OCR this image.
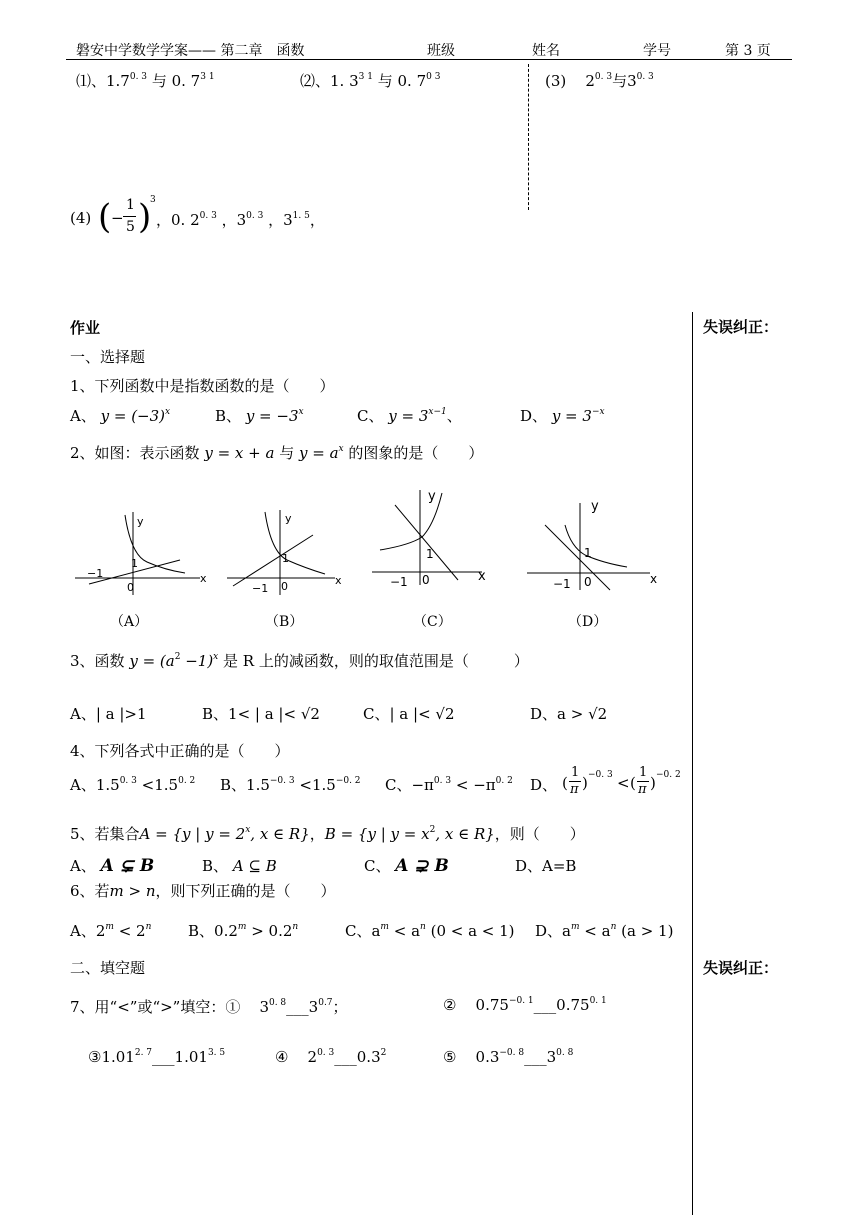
磐安中学数学学案—— 第二章　函数	班级	姓名	学号	第 3 页
⑴、$1.7^{0. 3}$ 与 0. $7^{3 1}$	⑵、1. $3^{3 1}$ 与 0. $7^{0 3}$	(3) $2^{0. 3}$与$3^{0. 3}$
(4) ( −
1
5 )
3
，0. $2^{0. 3}$ ，$3^{0. 3}$ ，$3^{1. 5}$，
失误纠正：
失误纠正：
作业
一、选择题
1、下列函数中是指数函数的是（　　）
A、 $y = (-3)^x$	B、 $y = -3^x$	C、 $y = 3^{x-1}$、	D、 $y = 3^{-x}$
2、如图：表示函数 y = x + a 与 $y = a^x$ 的图象的是（　　）
y
x
0
1
−1
（A）
y
x
0
1
−1
（B）
y
x
0
1
−1
（C）
y
x
0
1
−1
（D）
3、函数 $y = (a^2 -1)^x$ 是 R 上的减函数，则的取值范围是（　　　）
A、| a |>1	B、1< | a |< √2	C、| a |< √2	D、a > √2
4、下列各式中正确的是（　　）
A、$1.5^{0. 3} <1.5^{0. 2}$ B、$1.5^{-0. 3} <1.5^{-0. 2}$ C、$-\pi^{0. 3} < -\pi^{0. 2}$ D、 (
1
π ) −0. 3 < (
1
π ) −0. 2
5、若集合A = {y | $y = 2^x$, x ∈ R}，B = {y | $y = x^2$, x ∈ R}，则（　　）
A、 A ⊊ B	B、 A ⊆ B	C、 A ⊋ B	D、A=B
6、若m > n，则下列正确的是（　　）
A、$2^m < 2^n$ B、$0.2^m > 0.2^n$	C、$a^m < a^n$ (0 < a < 1) D、$a^m < a^n$ (a > 1)
二、填空题
7、用“<”或“>”填空：① $3^{0. 8}\_\_\_3^{0.7}$；	② $0.75^{-0. 1}\_\_\_0.75^{0. 1}$
$③1.01^{2. 7}\_\_\_1.01^{3. 5}$	④ $2^{0. 3}\_\_\_0.3^2$	⑤ $0.3^{-0. 8}\_\_\_3^{0. 8}$
